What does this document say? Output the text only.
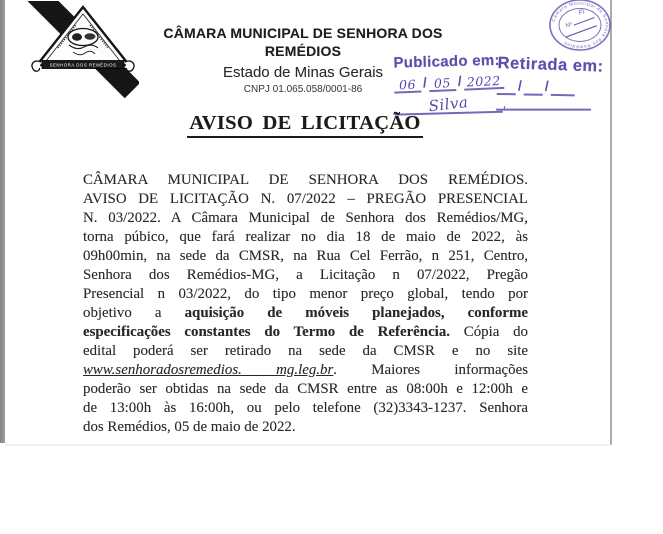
SENHORA DOS REMÉDIOS
CÂMARA MUNICIPAL DE SENHORA DOS REMÉDIOS
Estado de Minas Gerais
CNPJ 01.065.058/0001-86
Publicado em:
06 / 05 / 2022
Silva	,
Retirada em:
/ /
Câmara Municipal de Senhora dos Remédios
Fl
Nº
AVISO DE LICITAÇÃO
CÂMARA MUNICIPAL DE SENHORA DOS REMÉDIOS.
AVISO DE LICITAÇÃO N. 07/2022 – PREGÃO PRESENCIAL
N. 03/2022. A Câmara Municipal de Senhora dos Remédios/MG,
torna púbico, que fará realizar no dia 18 de maio de 2022, às
09h00min, na sede da CMSR, na Rua Cel Ferrão, n 251, Centro,
Senhora dos Remédios-MG, a Licitação n 07/2022, Pregão
Presencial n 03/2022, do tipo menor preço global, tendo por
objetivo a aquisição de móveis planejados, conforme
especificações constantes do Termo de Referência. Cópia do
edital poderá ser retirado na sede da CMSR e no site
www.senhoradosremedios. mg.leg.br. Maiores informações
poderão ser obtidas na sede da CMSR entre as 08:00h e 12:00h e
de 13:00h às 16:00h, ou pelo telefone (32)3343-1237. Senhora
dos Remédios, 05 de maio de 2022.
